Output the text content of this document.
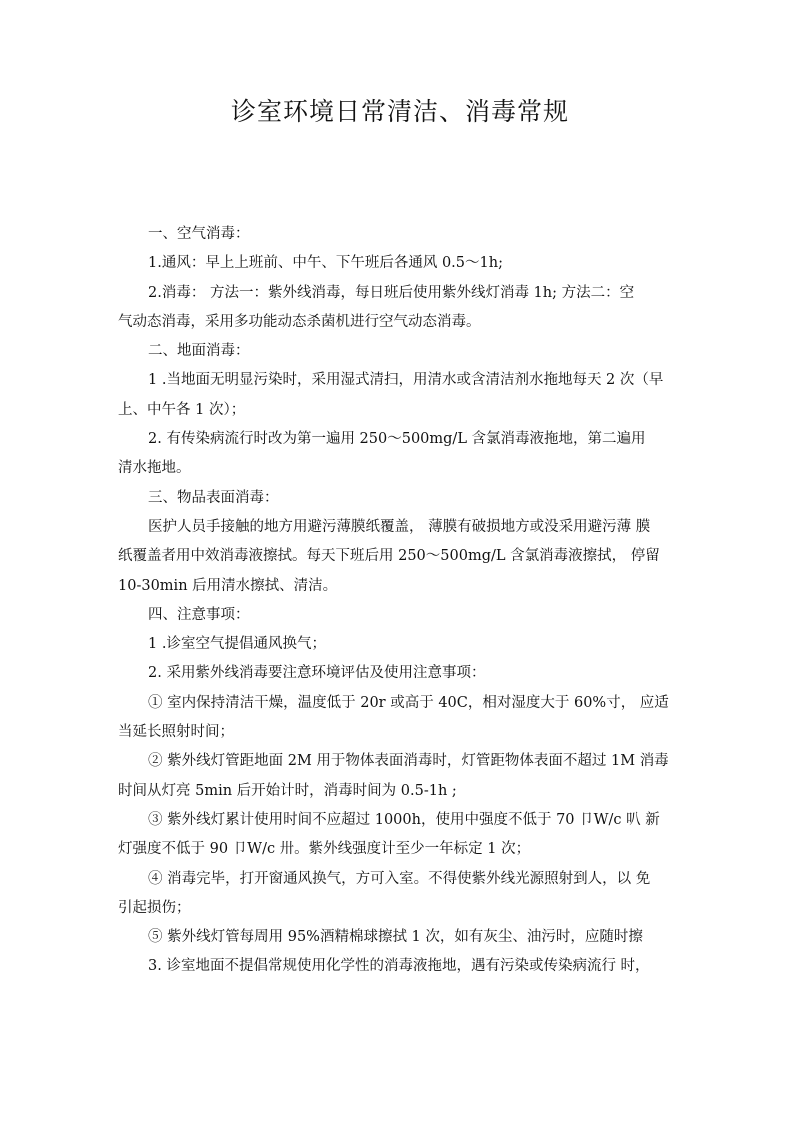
诊室环境日常清洁、消毒常规

一、空气消毒：

1.通风：早上上班前、中午、下午班后各通风 0.5～1h;

2.消毒： 方法一：紫外线消毒，每日班后使用紫外线灯消毒 1h; 方法二：空

气动态消毒，采用多功能动态杀菌机进行空气动态消毒。

二、地面消毒：

1 .当地面无明显污染时，采用湿式清扫，用清水或含清洁剂水拖地每天 2 次（早

上、中午各 1 次）；

2. 有传染病流行时改为第一遍用 250～500mg/L 含氯消毒液拖地，第二遍用

清水拖地。

三、物品表面消毒：

医护人员手接触的地方用避污薄膜纸覆盖， 薄膜有破损地方或没采用避污薄 膜

纸覆盖者用中效消毒液擦拭。每天下班后用 250～500mg/L 含氯消毒液擦拭， 停留

10-30min 后用清水擦拭、清洁。

四、注意事项：

1 .诊室空气提倡通风换气；

2. 采用紫外线消毒要注意环境评估及使用注意事项：

① 室内保持清洁干燥，温度低于 20r 或高于 40C，相对湿度大于 60%寸， 应适

当延长照射时间；

② 紫外线灯管距地面 2M 用于物体表面消毒时，灯管距物体表面不超过 1M 消毒

时间从灯亮 5min 后开始计时，消毒时间为 0.5-1h ;

③ 紫外线灯累计使用时间不应超过 1000h，使用中强度不低于 70 卩W/c 叭 新

灯强度不低于 90 卩W/c 卅。紫外线强度计至少一年标定 1 次；

④ 消毒完毕，打开窗通风换气，方可入室。不得使紫外线光源照射到人，以 免

引起损伤；

⑤ 紫外线灯管每周用 95%酒精棉球擦拭 1 次，如有灰尘、油污时，应随时擦

3. 诊室地面不提倡常规使用化学性的消毒液拖地，遇有污染或传染病流行 时，
